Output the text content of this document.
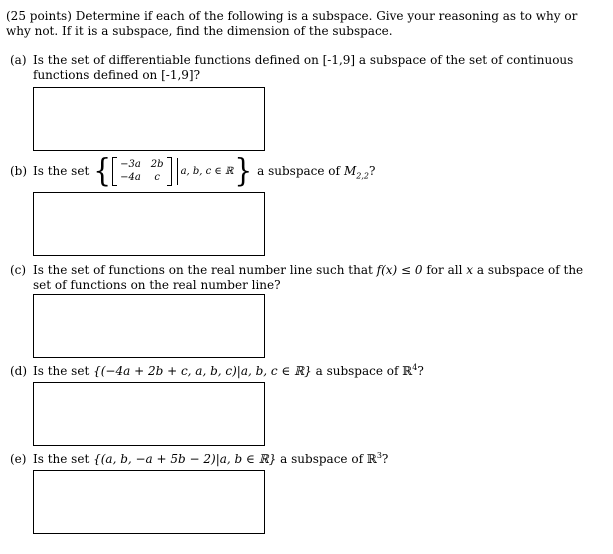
(25 points) Determine if each of the following is a subspace. Give your reasoning as to why or why not. If it is a subspace, find the dimension of the subspace.
(a) Is the set of differentiable functions defined on [-1,9] a subspace of the set of continuous functions defined on [-1,9]?
(b) Is the set { −3a 2b
−4a	c
a, b, c ∈ ℝ } a subspace of $M_{2,2}$ ?
(c) Is the set of functions on the real number line such that f(x) ≤ 0 for all x a subspace of the set of functions on the real number line?
(d) Is the set {(−4a + 2b + c, a, b, c)|a, b, c ∈ ℝ} a subspace of ℝ$^4$?
(e) Is the set {(a, b, −a + 5b − 2)|a, b ∈ ℝ} a subspace of ℝ$^3$?
